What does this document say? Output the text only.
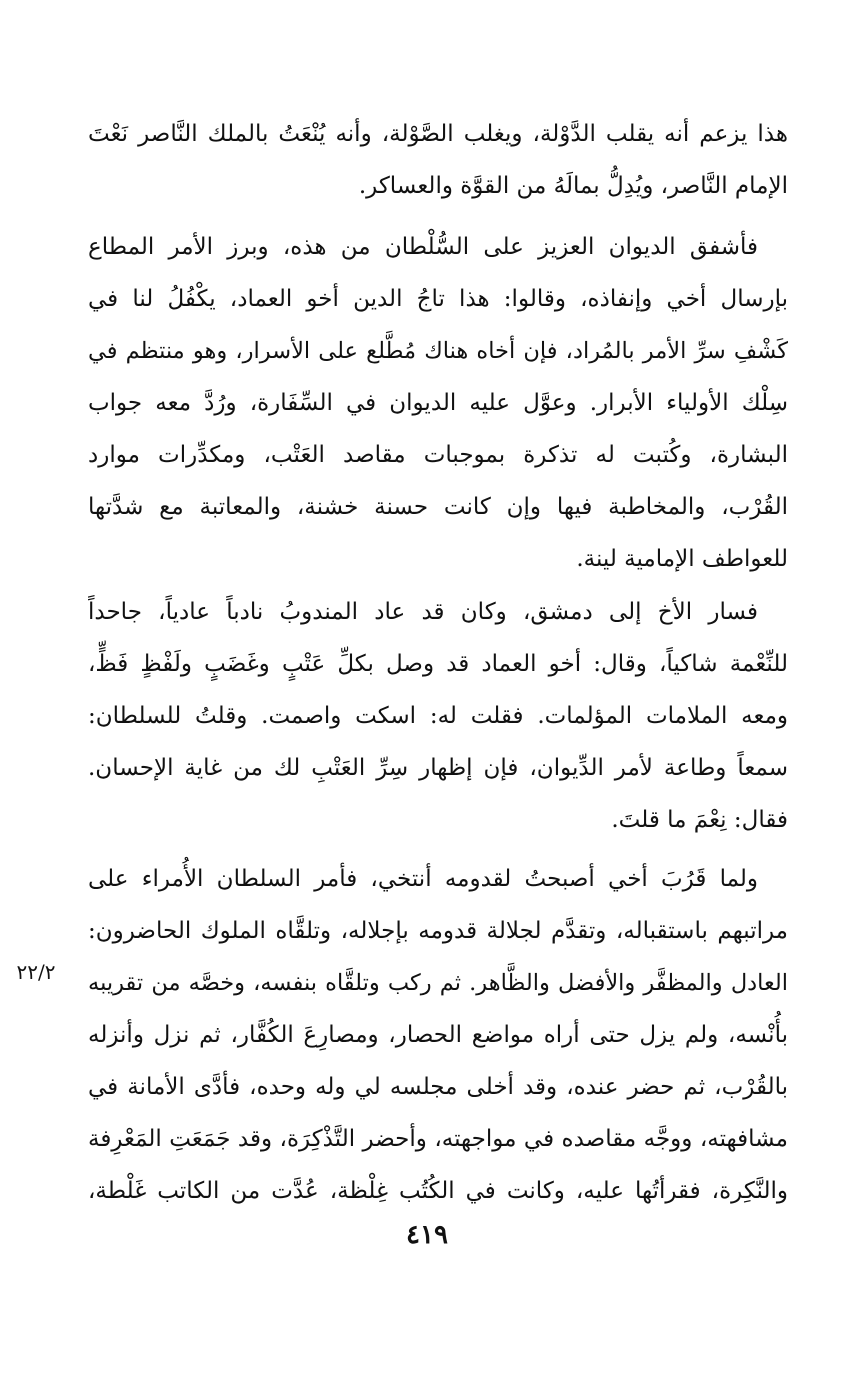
هذا يزعم أنه يقلب الدَّوْلة، ويغلب الصَّوْلة، وأنه يُنْعَتُ بالملك النَّاصر نَعْتَ
الإمام النَّاصر، ويُدِلُّ بمالَهُ من القوَّة والعساكر.
فأشفق الديوان العزيز على السُّلْطان من هذه، وبرز الأمر المطاع
بإرسال أخي وإنفاذه، وقالوا: هذا تاجُ الدين أخو العماد، يكْفُلُ لنا في
كَشْفِ سرِّ الأمر بالمُراد، فإن أخاه هناك مُطَّلع على الأسرار، وهو منتظم في
سِلْك الأولياء الأبرار. وعوَّل عليه الديوان في السِّفَارة، ورُدَّ معه جواب
البشارة، وكُتبت له تذكرة بموجبات مقاصد العَتْب، ومكدِّرات موارد
القُرْب، والمخاطبة فيها وإن كانت حسنة خشنة، والمعاتبة مع شدَّتها
للعواطف الإمامية لينة.
فسار الأخ إلى دمشق، وكان قد عاد المندوبُ نادباً عادياً، جاحداً
للنِّعْمة شاكياً، وقال: أخو العماد قد وصل بكلِّ عَتْبٍ وغَضَبٍ ولَفْظٍ فَظٍّ،
ومعه الملامات المؤلمات. فقلت له: اسكت واصمت. وقلتُ للسلطان:
سمعاً وطاعة لأمر الدِّيوان، فإن إظهار سِرِّ العَتْبِ لك من غاية الإحسان.
فقال: نِعْمَ ما قلتَ.
ولما قَرُبَ أخي أصبحتُ لقدومه أنتخي، فأمر السلطان الأُمراء على
مراتبهم باستقباله، وتقدَّم لجلالة قدومه بإجلاله، وتلقَّاه الملوك الحاضرون:
العادل والمظفَّر والأفضل والظَّاهر. ثم ركب وتلقَّاه بنفسه، وخصَّه من تقريبه
بأُنْسه، ولم يزل حتى أراه مواضع الحصار، ومصارِعَ الكُفَّار، ثم نزل وأنزله
بالقُرْب، ثم حضر عنده، وقد أخلى مجلسه لي وله وحده، فأدَّى الأمانة في
مشافهته، ووجَّه مقاصده في مواجهته، وأحضر التَّذْكِرَة، وقد جَمَعَتِ المَعْرِفة
والنَّكِرة، فقرأتُها عليه، وكانت في الكُتُب غِلْظة، عُدَّت من الكاتب غَلْطة،
٢٢/٢
٤١٩
